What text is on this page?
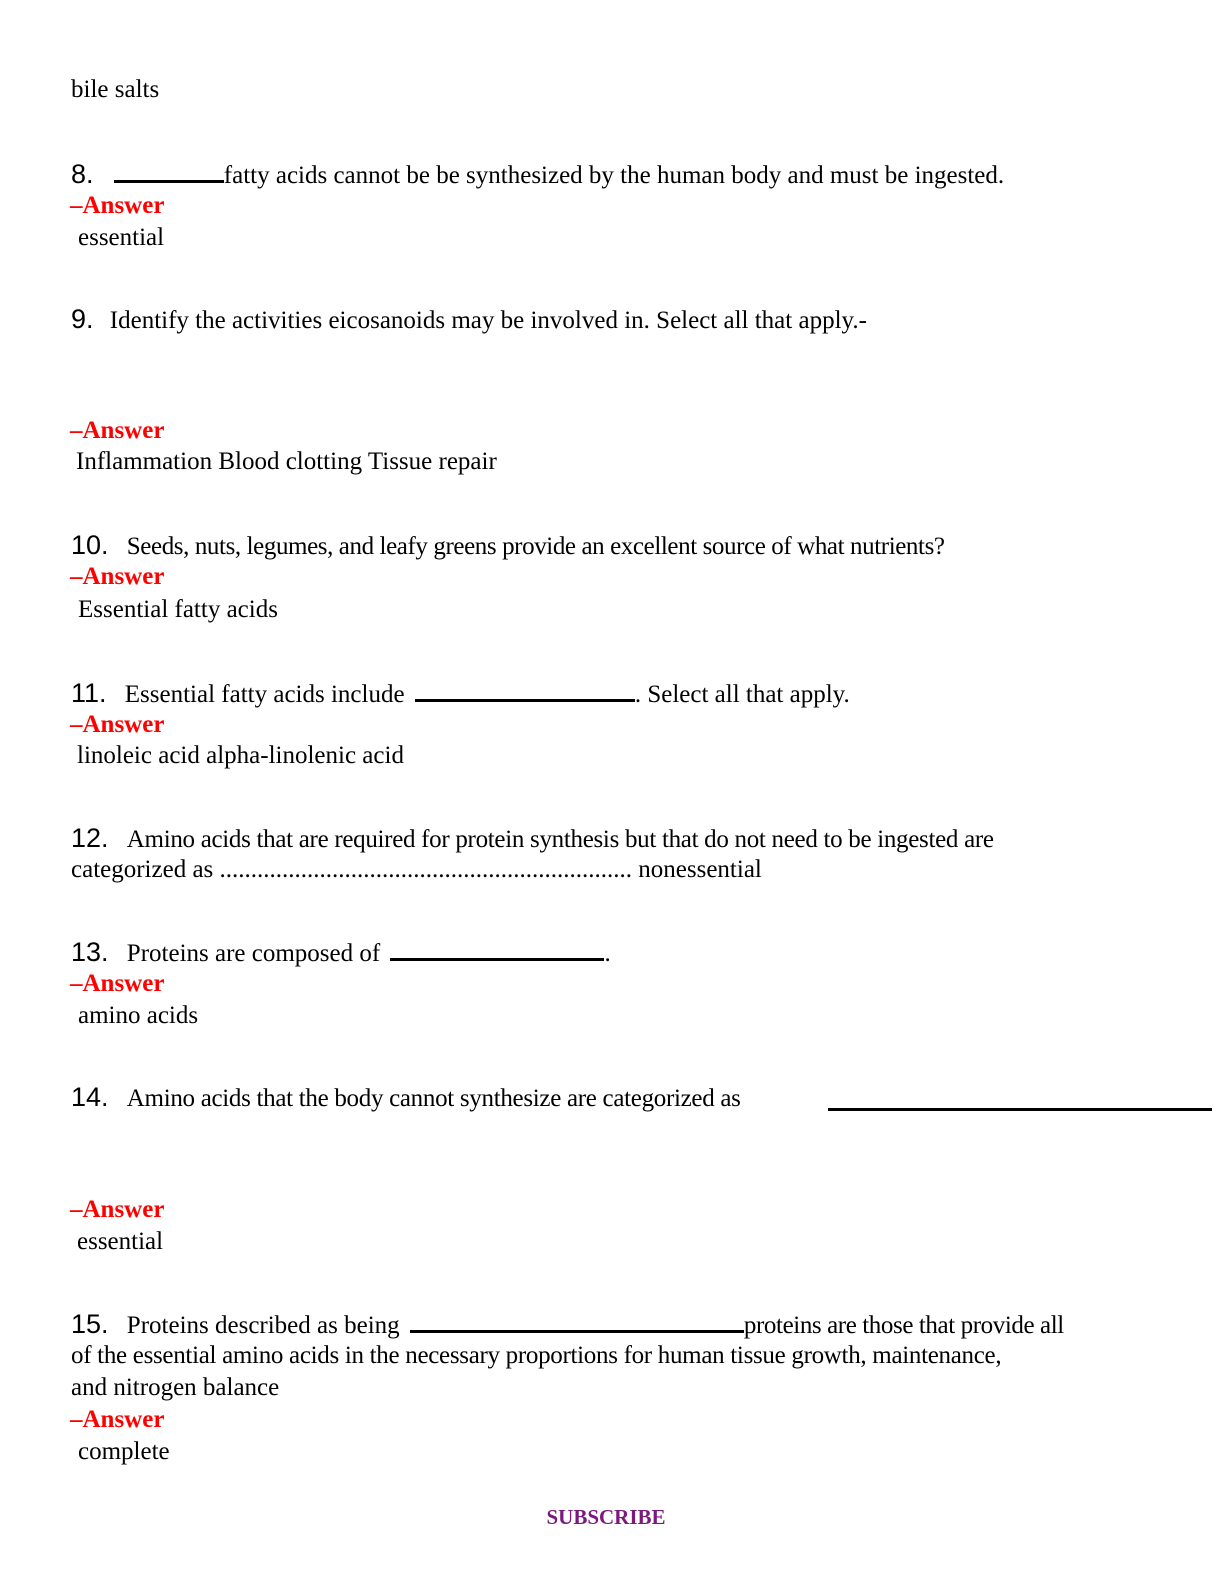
bile salts
8.	fatty acids cannot be be synthesized by the human body and must be ingested.
–Answer
essential
9. Identify the activities eicosanoids may be involved in. Select all that apply.-
–Answer
Inflammation Blood clotting Tissue repair
10. Seeds, nuts, legumes, and leafy greens provide an excellent source of what nutrients?
–Answer
Essential fatty acids
11. Essential fatty acids include	. Select all that apply.
–Answer
linoleic acid alpha-linolenic acid
12. Amino acids that are required for protein synthesis but that do not need to be ingested are
categorized as .................................................................. nonessential
13. Proteins are composed of	.
–Answer
amino acids
14. Amino acids that the body cannot synthesize are categorized as
–Answer
essential
15. Proteins described as being	proteins are those that provide all
of the essential amino acids in the necessary proportions for human tissue growth, maintenance,
and nitrogen balance
–Answer
complete
SUBSCRIBE
